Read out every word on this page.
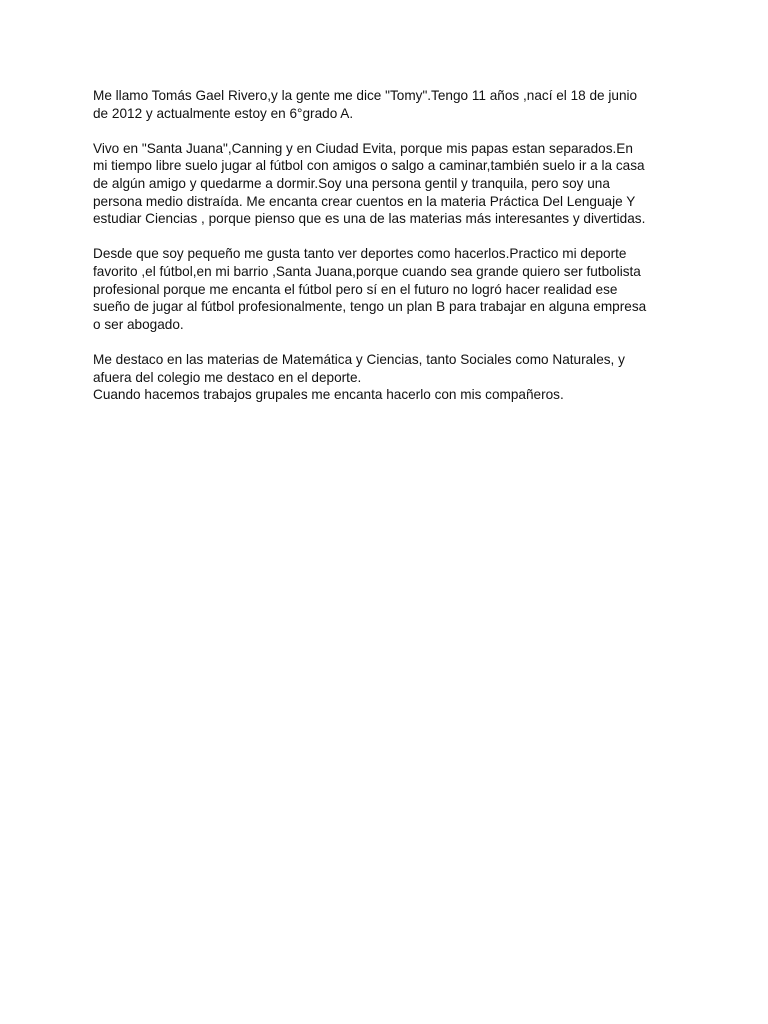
Me llamo Tomás Gael Rivero,y la gente me dice "Tomy".Tengo 11 años ,nací el 18 de junio
de 2012 y actualmente estoy en 6°grado A.

Vivo en "Santa Juana",Canning y en Ciudad Evita, porque mis papas estan separados.En
mi tiempo libre suelo jugar al fútbol con amigos o salgo a caminar,también suelo ir a la casa
de algún amigo y quedarme a dormir.Soy una persona gentil y tranquila, pero soy una
persona medio distraída. Me encanta crear cuentos en la materia Práctica Del Lenguaje Y
estudiar Ciencias , porque pienso que es una de las materias más interesantes y divertidas.

Desde que soy pequeño me gusta tanto ver deportes como hacerlos.Practico mi deporte
favorito ,el fútbol,en mi barrio ,Santa Juana,porque cuando sea grande quiero ser futbolista
profesional porque me encanta el fútbol pero sí en el futuro no logró hacer realidad ese
sueño de jugar al fútbol profesionalmente, tengo un plan B para trabajar en alguna empresa
o ser abogado.

Me destaco en las materias de Matemática y Ciencias, tanto Sociales como Naturales, y
afuera del colegio me destaco en el deporte.
Cuando hacemos trabajos grupales me encanta hacerlo con mis compañeros.
